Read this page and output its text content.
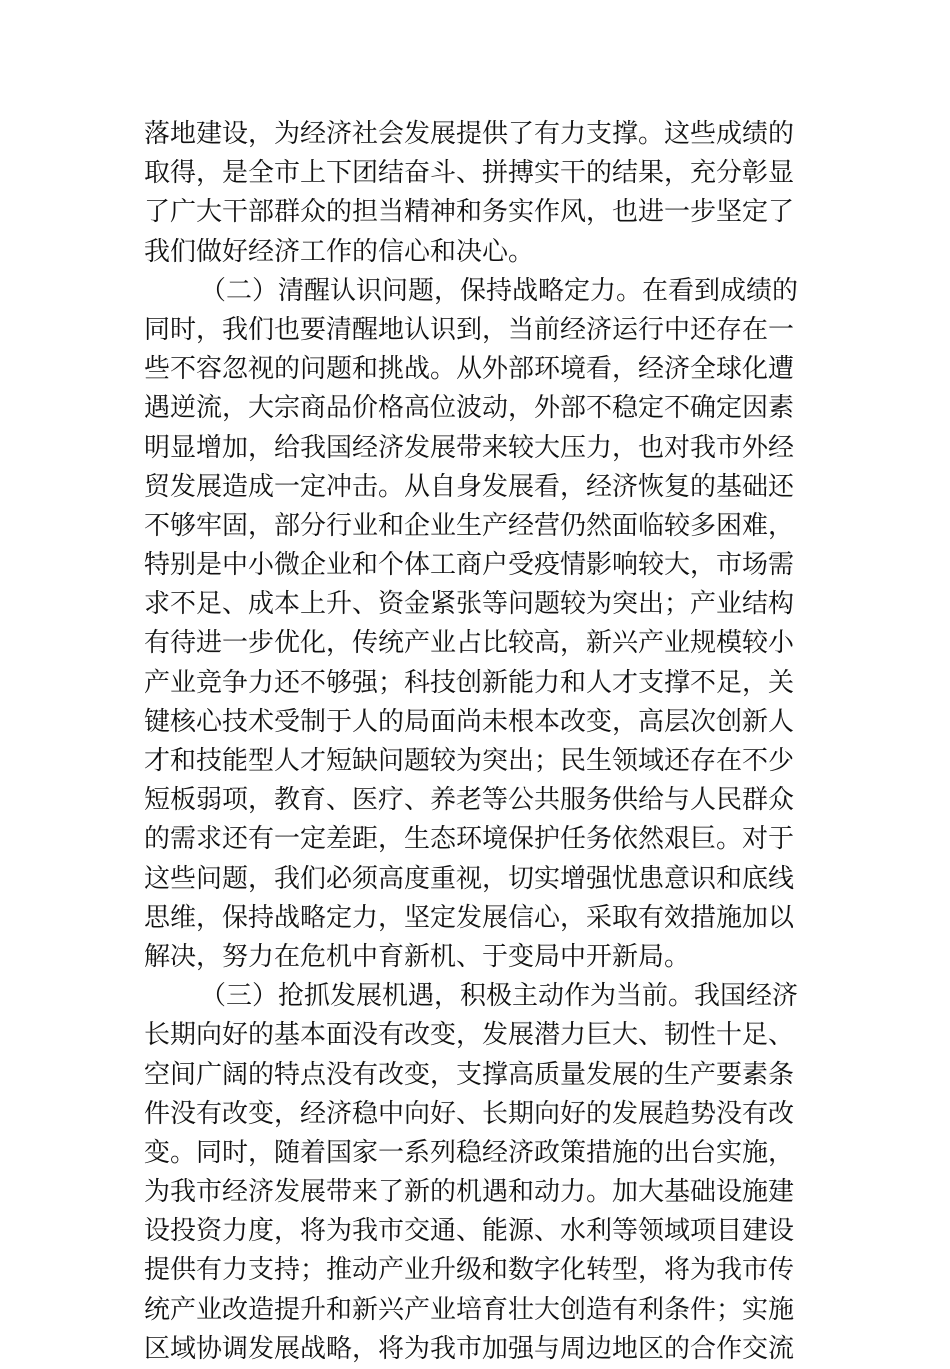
落地建设，为经济社会发展提供了有力支撑。这些成绩的
取得，是全市上下团结奋斗、拼搏实干的结果，充分彰显
了广大干部群众的担当精神和务实作风，也进一步坚定了
我们做好经济工作的信心和决心。
（二）清醒认识问题，保持战略定力。在看到成绩的
同时，我们也要清醒地认识到，当前经济运行中还存在一
些不容忽视的问题和挑战。从外部环境看，经济全球化遭
遇逆流，大宗商品价格高位波动，外部不稳定不确定因素
明显增加，给我国经济发展带来较大压力，也对我市外经
贸发展造成一定冲击。从自身发展看，经济恢复的基础还
不够牢固，部分行业和企业生产经营仍然面临较多困难，
特别是中小微企业和个体工商户受疫情影响较大，市场需
求不足、成本上升、资金紧张等问题较为突出；产业结构
有待进一步优化，传统产业占比较高，新兴产业规模较小
产业竞争力还不够强；科技创新能力和人才支撑不足，关
键核心技术受制于人的局面尚未根本改变，高层次创新人
才和技能型人才短缺问题较为突出；民生领域还存在不少
短板弱项，教育、医疗、养老等公共服务供给与人民群众
的需求还有一定差距，生态环境保护任务依然艰巨。对于
这些问题，我们必须高度重视，切实增强忧患意识和底线
思维，保持战略定力，坚定发展信心，采取有效措施加以
解决，努力在危机中育新机、于变局中开新局。
（三）抢抓发展机遇，积极主动作为当前。我国经济
长期向好的基本面没有改变，发展潜力巨大、韧性十足、
空间广阔的特点没有改变，支撑高质量发展的生产要素条
件没有改变，经济稳中向好、长期向好的发展趋势没有改
变。同时，随着国家一系列稳经济政策措施的出台实施，
为我市经济发展带来了新的机遇和动力。加大基础设施建
设投资力度，将为我市交通、能源、水利等领域项目建设
提供有力支持；推动产业升级和数字化转型，将为我市传
统产业改造提升和新兴产业培育壮大创造有利条件；实施
区域协调发展战略，将为我市加强与周边地区的合作交流
